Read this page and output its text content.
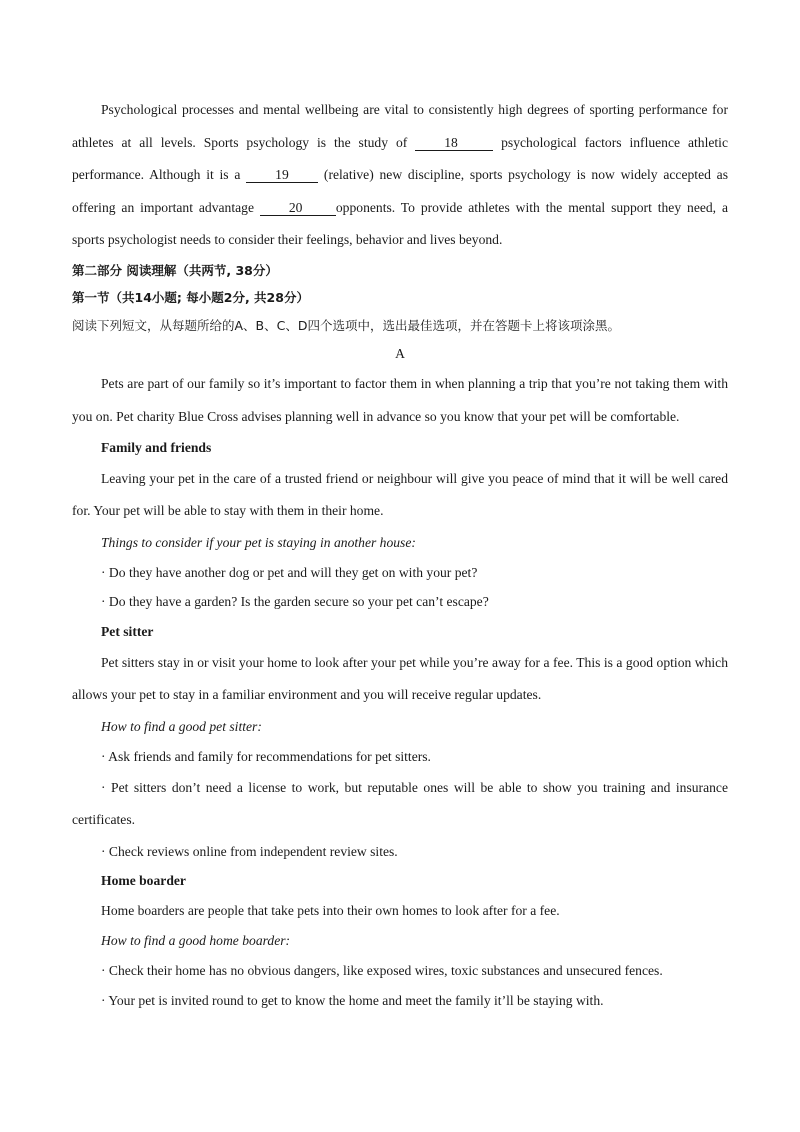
Psychological processes and mental wellbeing are vital to consistently high degrees of sporting performance for athletes at all levels. Sports psychology is the study of 18	psychological factors influence athletic performance. Although it is a 19 (relative) new discipline, sports psychology is now widely accepted as offering an important advantage 20 opponents. To provide athletes with the mental support they need, a sports psychologist needs to consider their feelings, behavior and lives beyond.

第二部分 阅读理解（共两节, 38分）

第一节（共14小题; 每小题2分, 共28分）

阅读下列短文，从每题所给的A、B、C、D四个选项中，选出最佳选项，并在答题卡上将该项涂黑。

A

Pets are part of our family so it’s important to factor them in when planning a trip that you’re not taking them with you on. Pet charity Blue Cross advises planning well in advance so you know that your pet will be comfortable.

Family and friends

Leaving your pet in the care of a trusted friend or neighbour will give you peace of mind that it will be well cared for. Your pet will be able to stay with them in their home.

Things to consider if your pet is staying in another house:

· Do they have another dog or pet and will they get on with your pet?

· Do they have a garden? Is the garden secure so your pet can’t escape?

Pet sitter

Pet sitters stay in or visit your home to look after your pet while you’re away for a fee. This is a good option which allows your pet to stay in a familiar environment and you will receive regular updates.

How to find a good pet sitter:

· Ask friends and family for recommendations for pet sitters.

· Pet sitters don’t need a license to work, but reputable ones will be able to show you training and insurance certificates.

· Check reviews online from independent review sites.

Home boarder

Home boarders are people that take pets into their own homes to look after for a fee.

How to find a good home boarder:

· Check their home has no obvious dangers, like exposed wires, toxic substances and unsecured fences.

· Your pet is invited round to get to know the home and meet the family it’ll be staying with.
